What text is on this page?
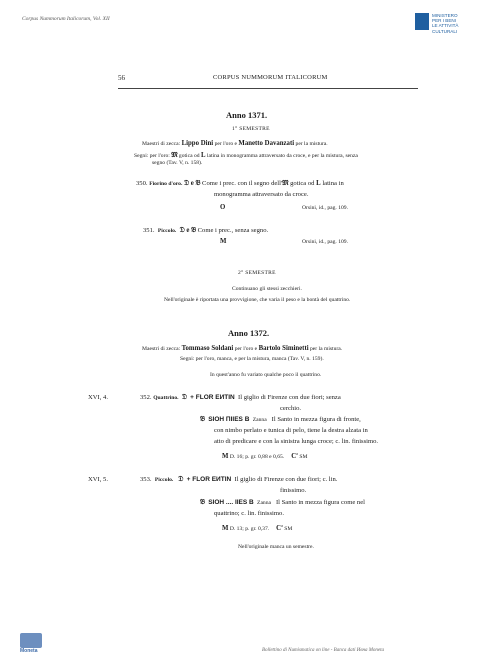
Corpus Nummorum Italicorum, Vol. XII
MINISTERO
PER I BENI
LE ATTIVITÀ
CULTURALI
56	CORPUS NUMMORUM ITALICORUM
Anno 1371.
1° SEMESTRE
Maestri di zecca: Lippo Dini per l'oro e Manetto Davanzati per la mistura.
Segni: per l'oro: 𝔐 gotica od L latina in monogramma attraversato da croce, e per la mistura, senza
segno (Tav. V, n. 158).
350. Fiorino d'oro. 𝔇 e 𝔅 Come i prec. con il segno dell'𝔐 gotica od L latina in
monogramma attraversato da croce.
O	Orsini, id., pag. 109.
351. Piccolo. 𝔇 e 𝔅 Come i prec., senza segno.
M	Orsini, id., pag. 109.
2° SEMESTRE
Continuano gli stessi zecchieri.
Nell'originale è riportata una provvigione, che varia il peso e la bontà del quattrino.
Anno 1372.
Maestri di zecca: Tommaso Soldani per l'oro e Bartolo Siminetti per la mistura.
Segni: per l'oro, manca, e per la mistura, manca (Tav. V, n. 159).
In quest'anno fu variato qualche poco il quattrino.
XVI, 4.	352. Quattrino. 𝔇 + FLOR EИTIN Il giglio di Firenze con due fiori; senza
cerchio.
𝔅 SIOH ΠIIES B Zanna Il Santo in mezza figura di fronte,
con nimbo perlato e tunica di pelo, tiene la destra alzata in
atto di predicare e con la sinistra lunga croce; c. lin. finissimo.
M D. 16; p. gr. 0,88 e 0,65. $C^a$ SM
XVI, 5.	353. Piccolo. 𝔇 + FLOR EИTIN Il giglio di Firenze con due fiori; c. lin.
finissimo.
𝔅 SIOH .... IIES B Zanna Il Santo in mezza figura come nel
quattrino; c. lin. finissimo.
M D. 13; p. gr. 0,37. $C^a$ SM
Nell'originale manca un semestre.
Moneta	Bollettino di Numismatica on line - Banca dati Ивна Moneta
